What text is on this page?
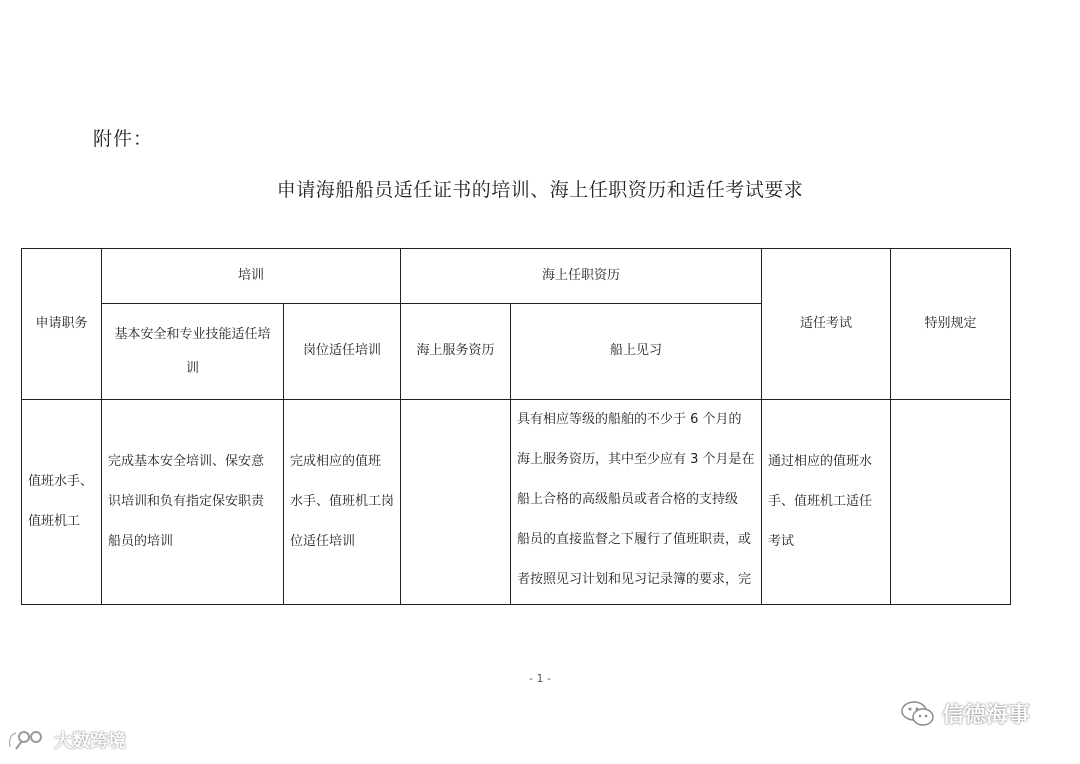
附件：
申请海船船员适任证书的培训、海上任职资历和适任考试要求
申请职务	培训		海上任职资历		适任考试	特别规定

	基本安全和专业技能适任培
训	岗位适任培训	海上服务资历	船上见习		

值班水手、
值班机工	完成基本安全培训、保安意
识培训和负有指定保安职责
船员的培训	完成相应的值班
水手、值班机工岗
位适任培训		具有相应等级的船舶的不少于 6 个月的
海上服务资历，其中至少应有 3 个月是在
船上合格的高级船员或者合格的支持级
船员的直接监督之下履行了值班职责，或
者按照见习计划和见习记录簿的要求，完	通过相应的值班水
手、值班机工适任
考试	

- 1 -
大数跨境
信德海事
